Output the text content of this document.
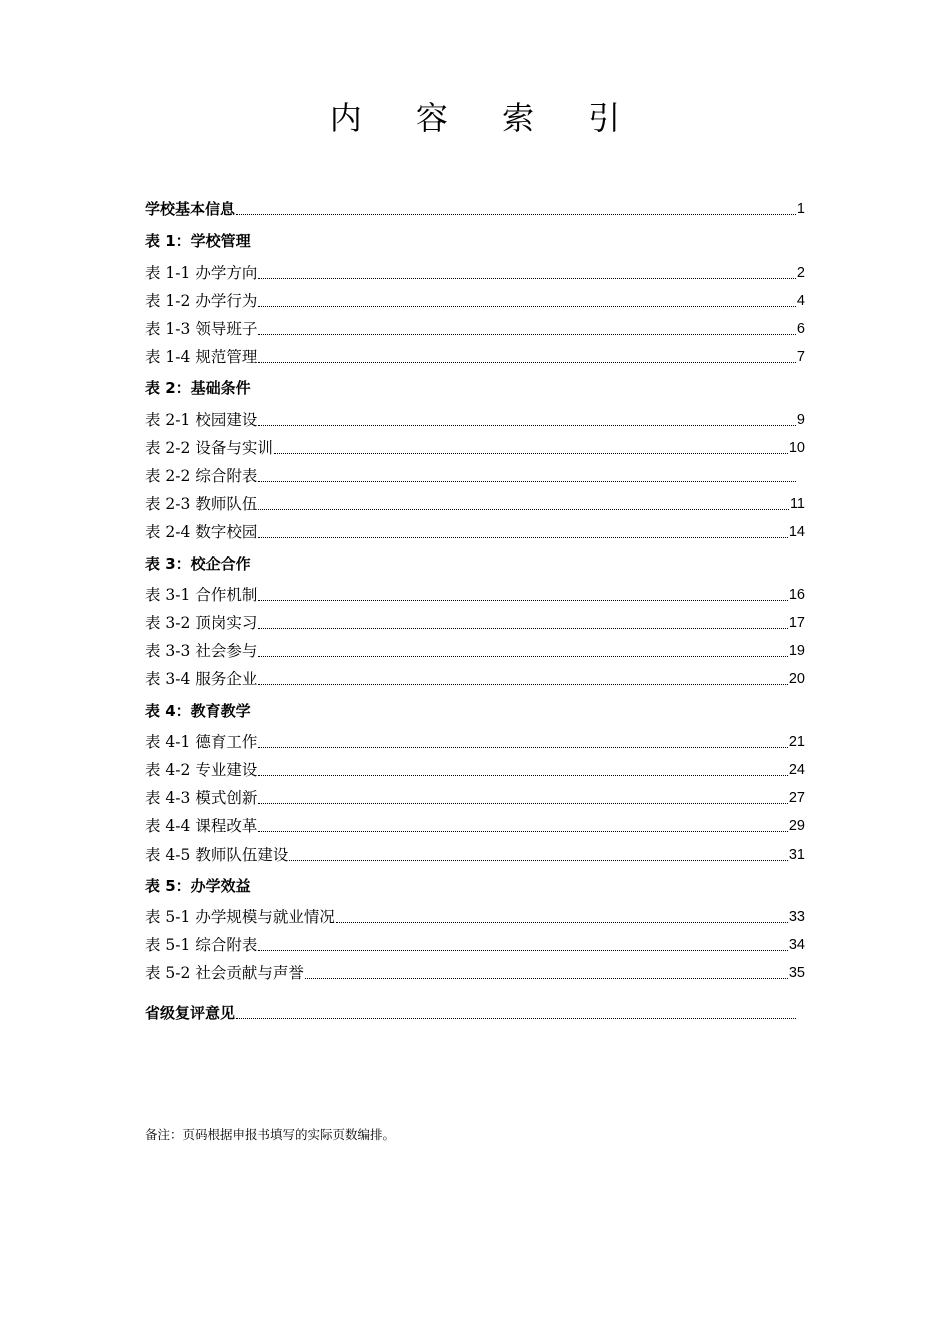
内 容 索 引
学校基本信息	1
表 1：学校管理
表 1-1 办学方向	2
表 1-2 办学行为	4
表 1-3 领导班子	6
表 1-4 规范管理	7
表 2：基础条件
表 2-1 校园建设	9
表 2-2 设备与实训	10
表 2-2 综合附表
表 2-3 教师队伍	11
表 2-4 数字校园	14
表 3：校企合作
表 3-1 合作机制	16
表 3-2 顶岗实习	17
表 3-3 社会参与	19
表 3-4 服务企业	20
表 4：教育教学
表 4-1 德育工作	21
表 4-2 专业建设	24
表 4-3 模式创新	27
表 4-4 课程改革	29
表 4-5 教师队伍建设	31
表 5：办学效益
表 5-1 办学规模与就业情况	33
表 5-1 综合附表	34
表 5-2 社会贡献与声誉	35
省级复评意见
备注：页码根据申报书填写的实际页数编排。
